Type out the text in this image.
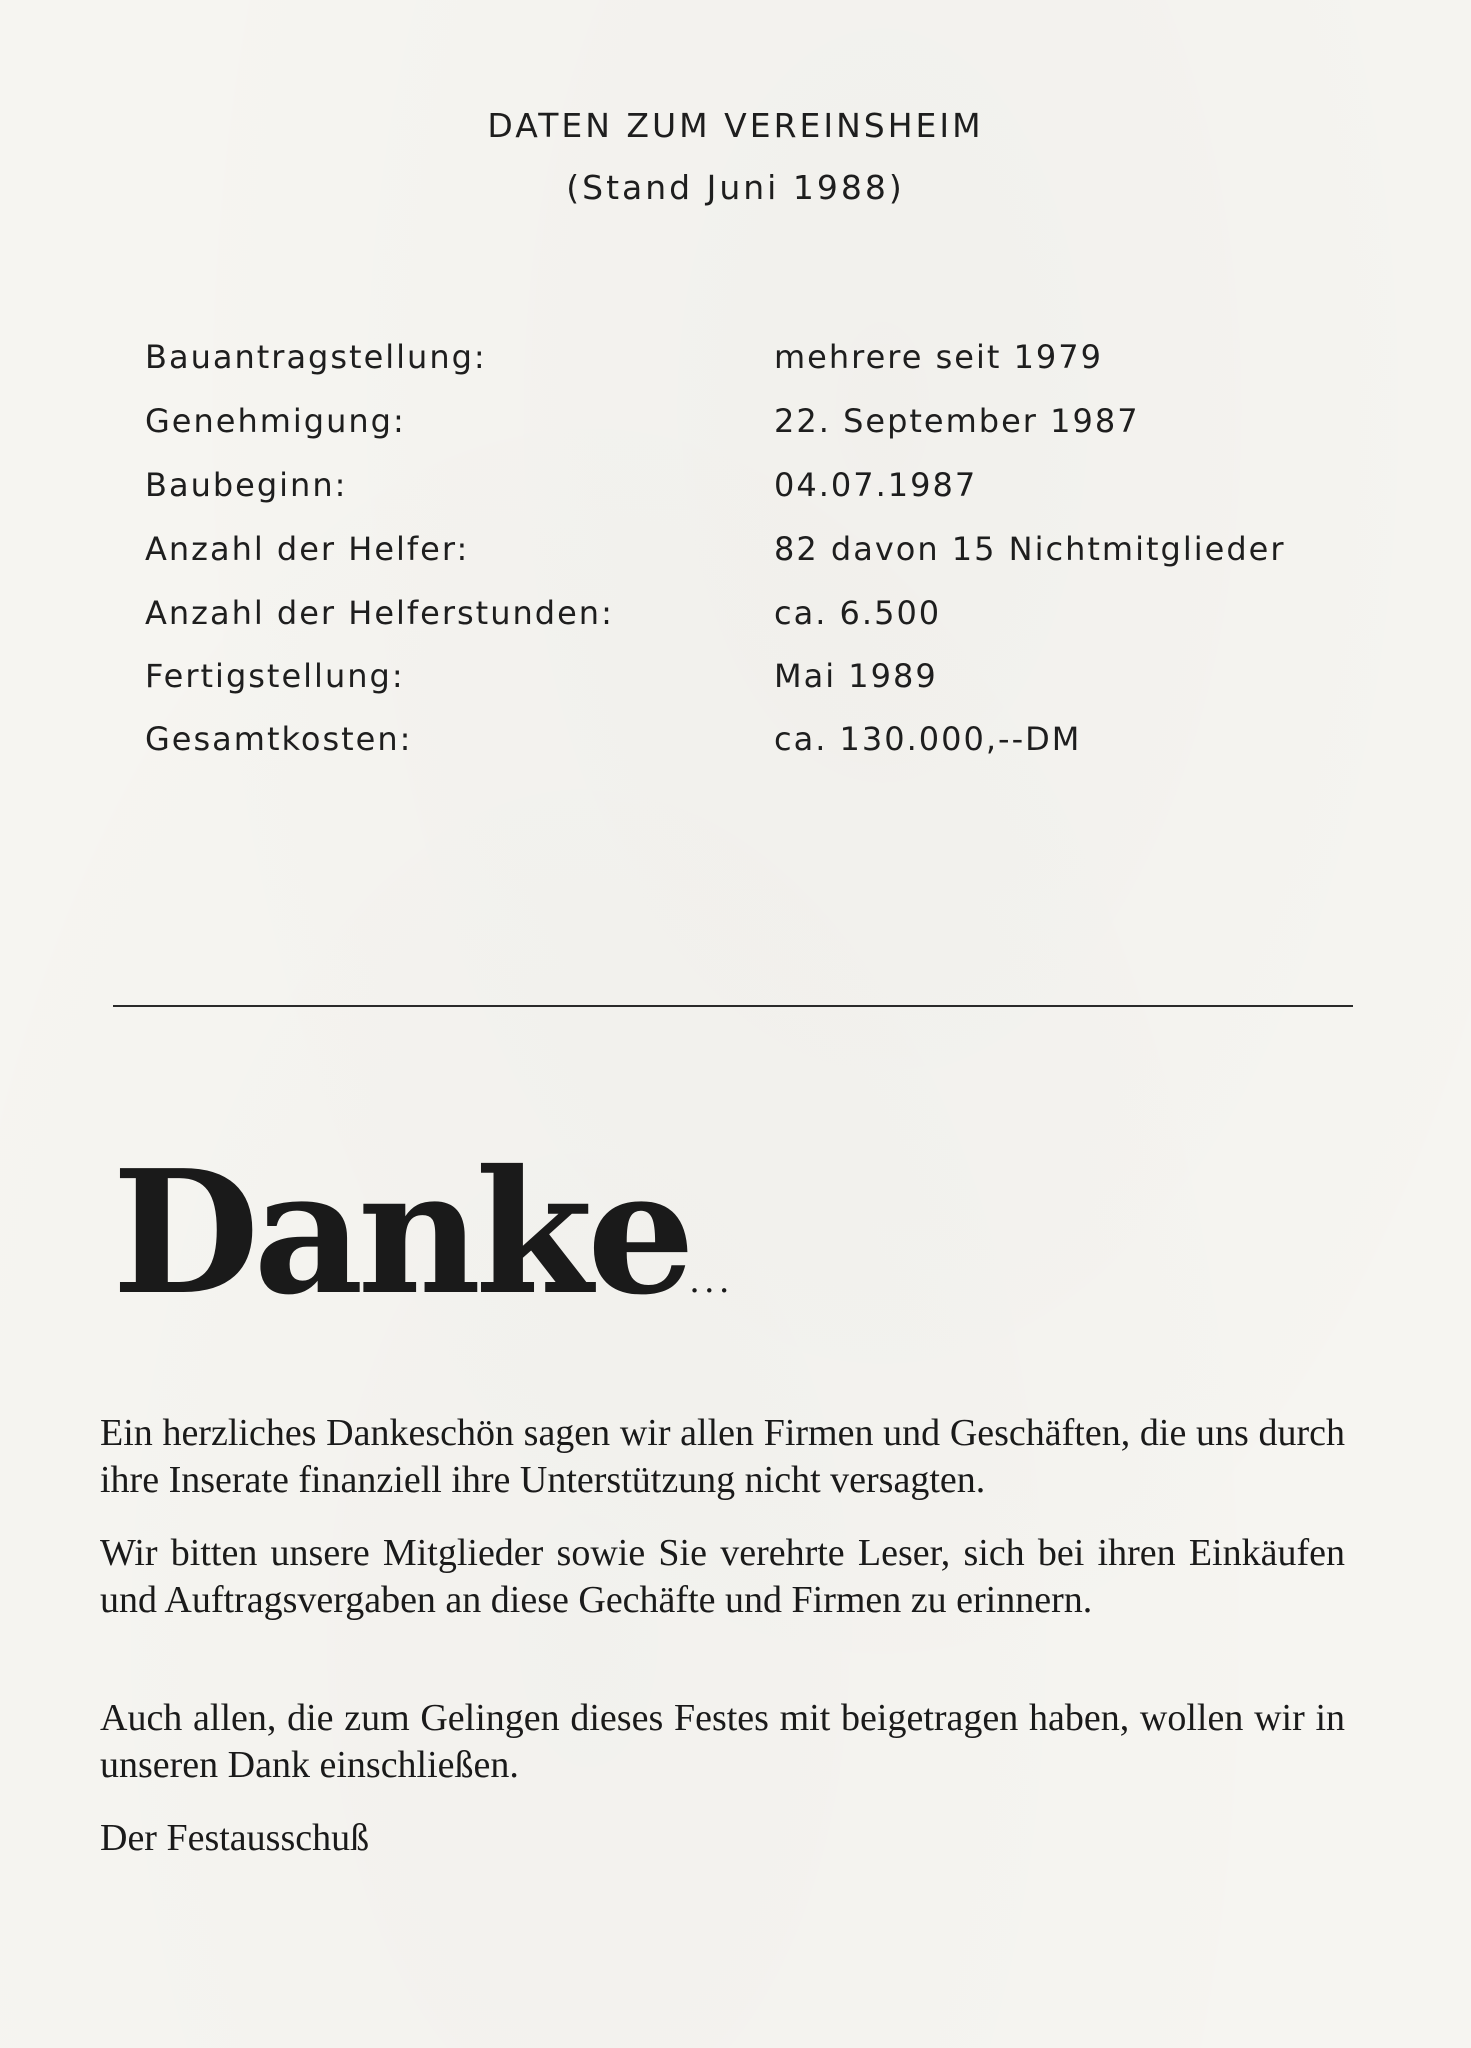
DATEN ZUM VEREINSHEIM
(Stand Juni 1988)
Bauantragstellung:	mehrere seit 1979
Genehmigung:	22. September 1987
Baubeginn:	04.07.1987
Anzahl der Helfer:	82 davon 15 Nichtmitglieder
Anzahl der Helferstunden:	ca. 6.500
Fertigstellung:	Mai 1989
Gesamtkosten:	ca. 130.000,--DM
Danke...
Ein herzliches Dankeschön sagen wir allen Firmen und Geschäften, die uns durch ihre Inserate finanziell ihre Unterstützung nicht versagten.
Wir bitten unsere Mitglieder sowie Sie verehrte Leser, sich bei ihren Einkäufen und Auftragsvergaben an diese Gechäfte und Firmen zu erinnern.
Auch allen, die zum Gelingen dieses Festes mit beigetragen haben, wollen wir in unseren Dank einschließen.
Der Festausschuß
